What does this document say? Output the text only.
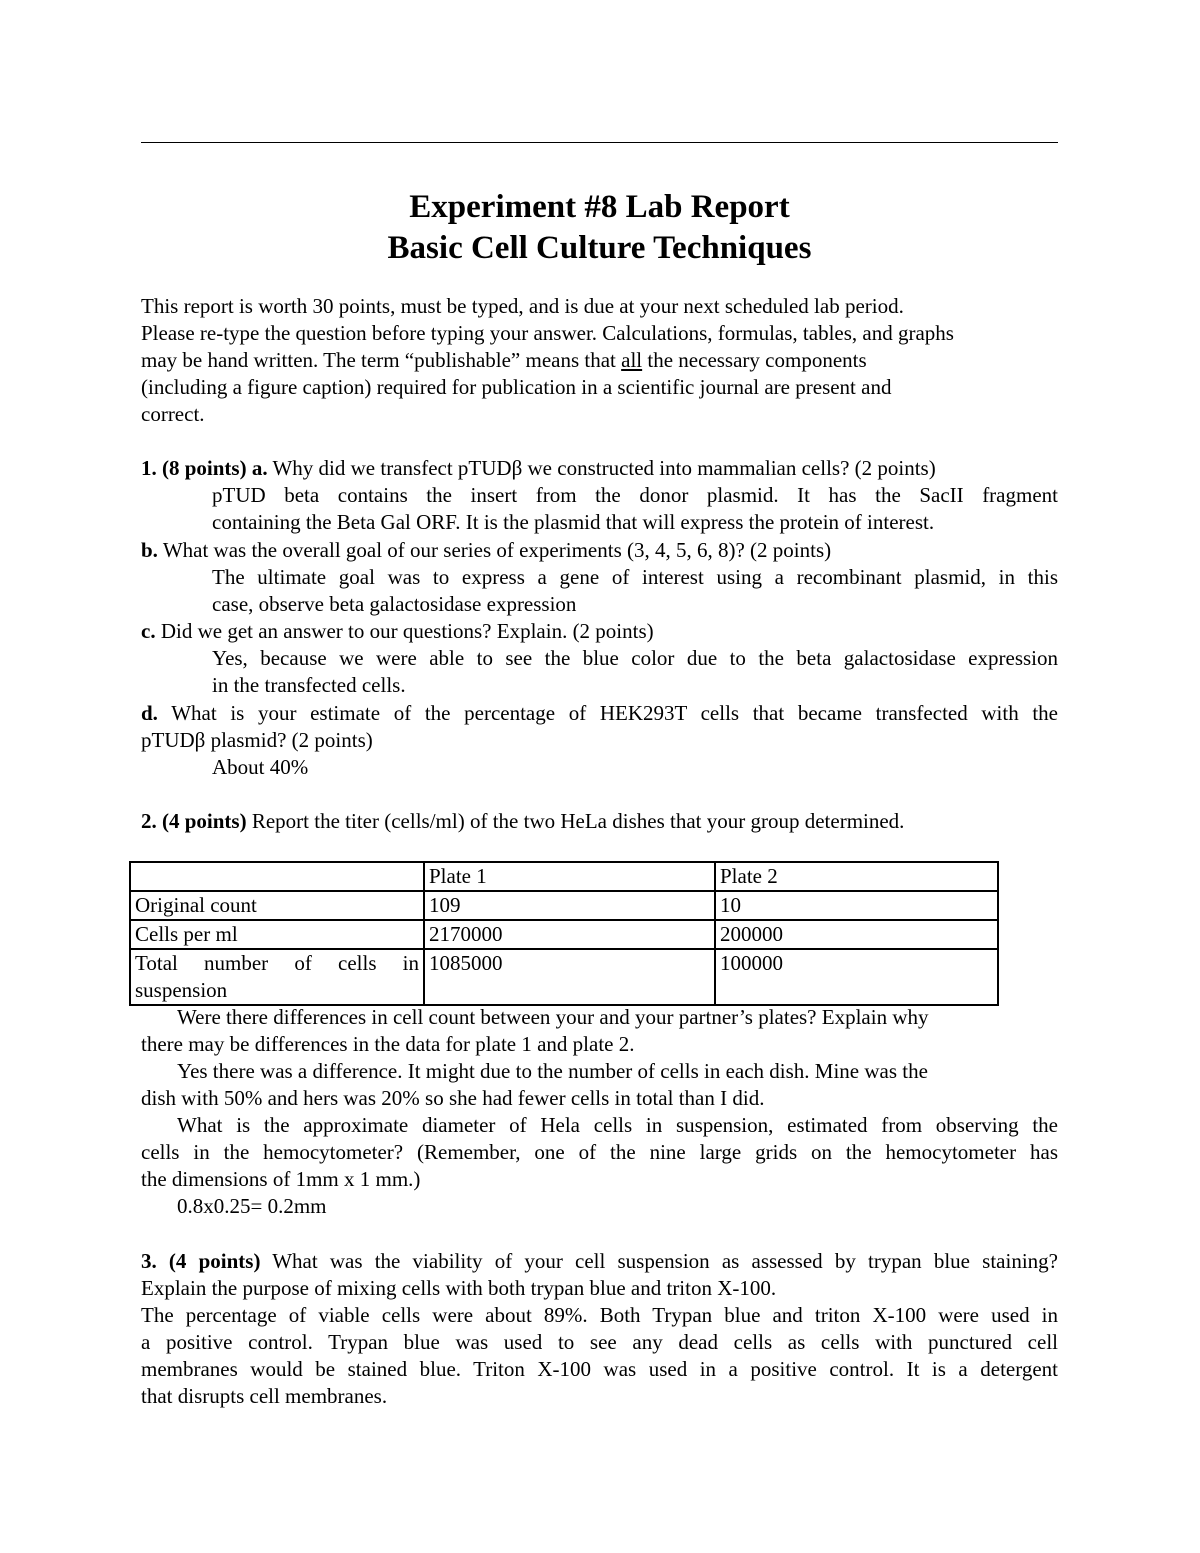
Experiment #8 Lab Report
Basic Cell Culture Techniques
This report is worth 30 points, must be typed, and is due at your next scheduled lab period.
Please re-type the question before typing your answer. Calculations, formulas, tables, and graphs
may be hand written. The term “publishable” means that all the necessary components
(including a figure caption) required for publication in a scientific journal are present and
correct.
1. (8 points) a. Why did we transfect pTUDβ we constructed into mammalian cells? (2 points)
pTUD beta contains the insert from the donor plasmid. It has the SacII fragment
containing the Beta Gal ORF. It is the plasmid that will express the protein of interest.
b. What was the overall goal of our series of experiments (3, 4, 5, 6, 8)? (2 points)
The ultimate goal was to express a gene of interest using a recombinant plasmid, in this
case, observe beta galactosidase expression
c. Did we get an answer to our questions? Explain. (2 points)
Yes, because we were able to see the blue color due to the beta galactosidase expression
in the transfected cells.
d. What is your estimate of the percentage of HEK293T cells that became transfected with the
pTUDβ plasmid? (2 points)
About 40%
2. (4 points) Report the titer (cells/ml) of the two HeLa dishes that your group determined.
	Plate 1	Plate 2
Original count	109	10
Cells per ml	2170000	200000

Total number of cells in
suspension	1085000	100000
Were there differences in cell count between your and your partner’s plates? Explain why
there may be differences in the data for plate 1 and plate 2.
Yes there was a difference. It might due to the number of cells in each dish. Mine was the
dish with 50% and hers was 20% so she had fewer cells in total than I did.
What is the approximate diameter of Hela cells in suspension, estimated from observing the
cells in the hemocytometer? (Remember, one of the nine large grids on the hemocytometer has
the dimensions of 1mm x 1 mm.)
0.8x0.25= 0.2mm
3. (4 points) What was the viability of your cell suspension as assessed by trypan blue staining?
Explain the purpose of mixing cells with both trypan blue and triton X-100.
The percentage of viable cells were about 89%. Both Trypan blue and triton X-100 were used in
a positive control. Trypan blue was used to see any dead cells as cells with punctured cell
membranes would be stained blue. Triton X-100 was used in a positive control. It is a detergent
that disrupts cell membranes.
